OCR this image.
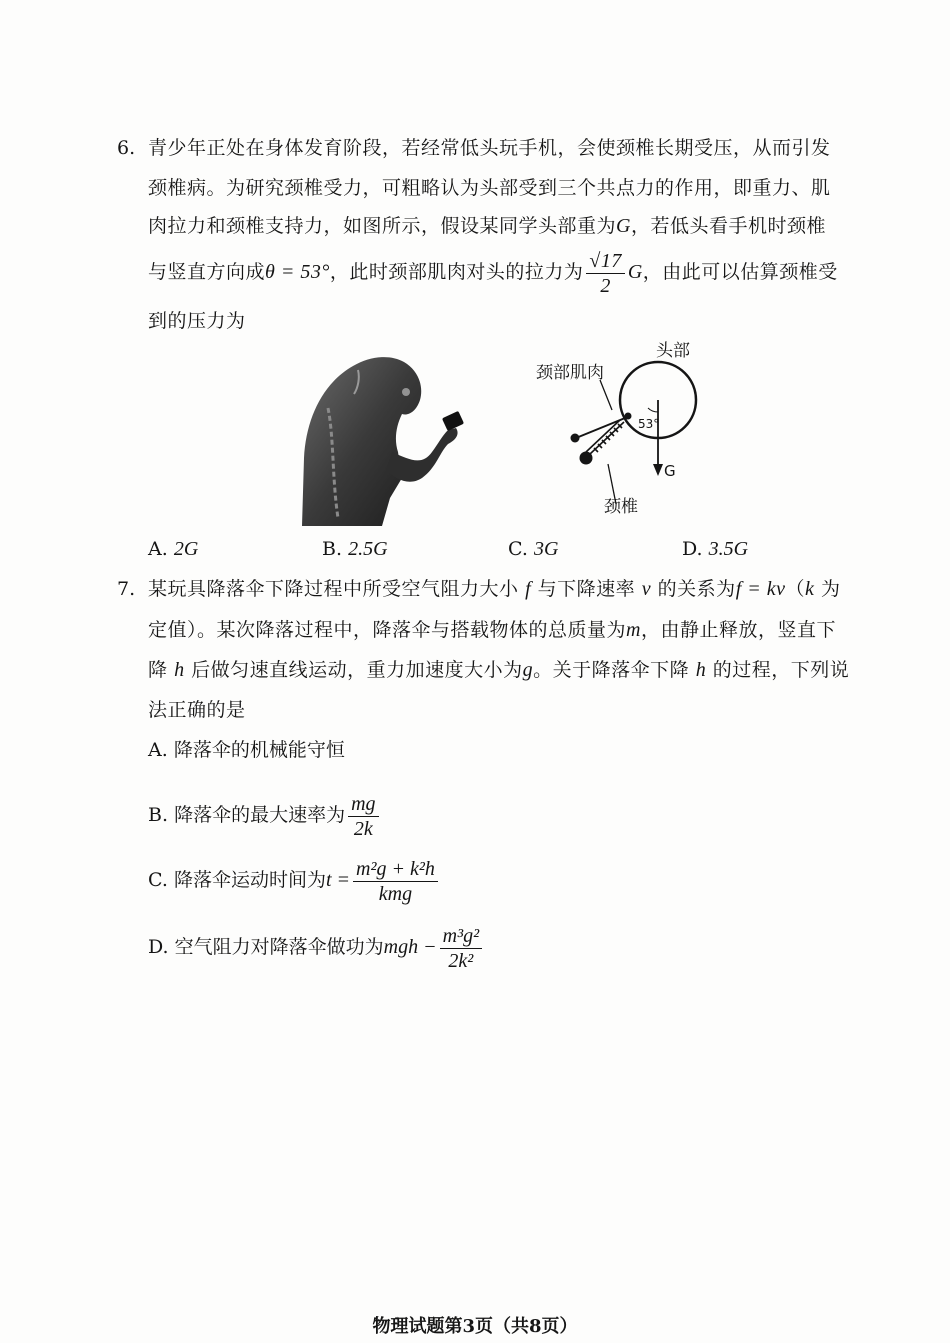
6. 青少年正处在身体发育阶段，若经常低头玩手机，会使颈椎长期受压，从而引发
颈椎病。为研究颈椎受力，可粗略认为头部受到三个共点力的作用，即重力、肌
肉拉力和颈椎支持力，如图所示，假设某同学头部重为G，若低头看手机时颈椎
与竖直方向成θ = 53°，此时颈部肌肉对头的拉力为 $\frac{√17}{2}$ G，由此可以估算颈椎受
到的压力为
头部
颈部肌肉
53°
G
颈椎
A. 2G	B. 2.5G	C. 3G	D. 3.5G
7. 某玩具降落伞下降过程中所受空气阻力大小 f 与下降速率 v 的关系为f = kv（k 为
定值）。某次降落过程中，降落伞与搭载物体的总质量为m，由静止释放，竖直下
降 h 后做匀速直线运动，重力加速度大小为g。关于降落伞下降 h 的过程，下列说
法正确的是
A. 降落伞的机械能守恒
B. 降落伞的最大速率为 $\frac{mg}{2k}$
C. 降落伞运动时间为$t = \frac{\text{m²g + k²h}}{\text{kmg}}$
D. 空气阻力对降落伞做功为mgh − $\frac{\text{m³g²}}{\text{2k²}}$
物理试题第3页（共8页）
